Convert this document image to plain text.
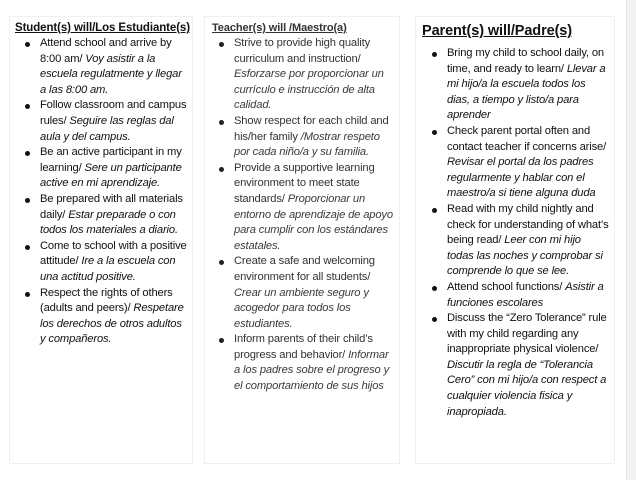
Student(s) will/Los Estudiante(s)

Attend school and arrive by 8:00 am/ Voy asistir a la escuela regulatmente y llegar a las 8:00 am.
Follow classroom and campus rules/ Seguire las reglas dal aula y del campus.
Be an active participant in my learning/ Sere un participante active en mi aprendizaje.
Be prepared with all materials daily/ Estar preparade o con todos los materiales a diario.
Come to school with a positive attitude/ Ire a la escuela con una actitud positive.
Respect the rights of others (adults and peers)/ Respetare los derechos de otros adultos y compañeros.

Teacher(s) will /Maestro(a)

Strive to provide high quality curriculum and instruction/ Esforzarse por proporcionar un currículo e instrucción de alta calidad.
Show respect for each child and his/her family /Mostrar respeto por cada niño/a y su familia.
Provide a supportive learning environment to meet state standards/ Proporcionar un entorno de aprendizaje de apoyo para cumplir con los estándares estatales.
Create a safe and welcoming environment for all students/ Crear un ambiente seguro y acogedor para todos los estudiantes.
Inform parents of their child’s progress and behavior/ Informar a los padres sobre el progreso y el comportamiento de sus hijos

Parent(s) will/Padre(s)

Bring my child to school daily, on time, and ready to learn/ Llevar a mi hijo/a la escuela todos los dias, a tiempo y listo/a para aprender
Check parent portal often and contact teacher if concerns arise/ Revisar el portal da los padres regularmente y hablar con el maestro/a si tiene alguna duda
Read with my child nightly and check for understanding of what’s being read/ Leer con mi hijo todas las noches y comprobar si comprende lo que se lee.
Attend school functions/ Asistir a funciones escolares
Discuss the “Zero Tolerance” rule with my child regarding any inappropriate physical violence/ Discutir la regla de “Tolerancia Cero” con mi hijo/a con respect a cualquier violencia fisica y inapropiada.
